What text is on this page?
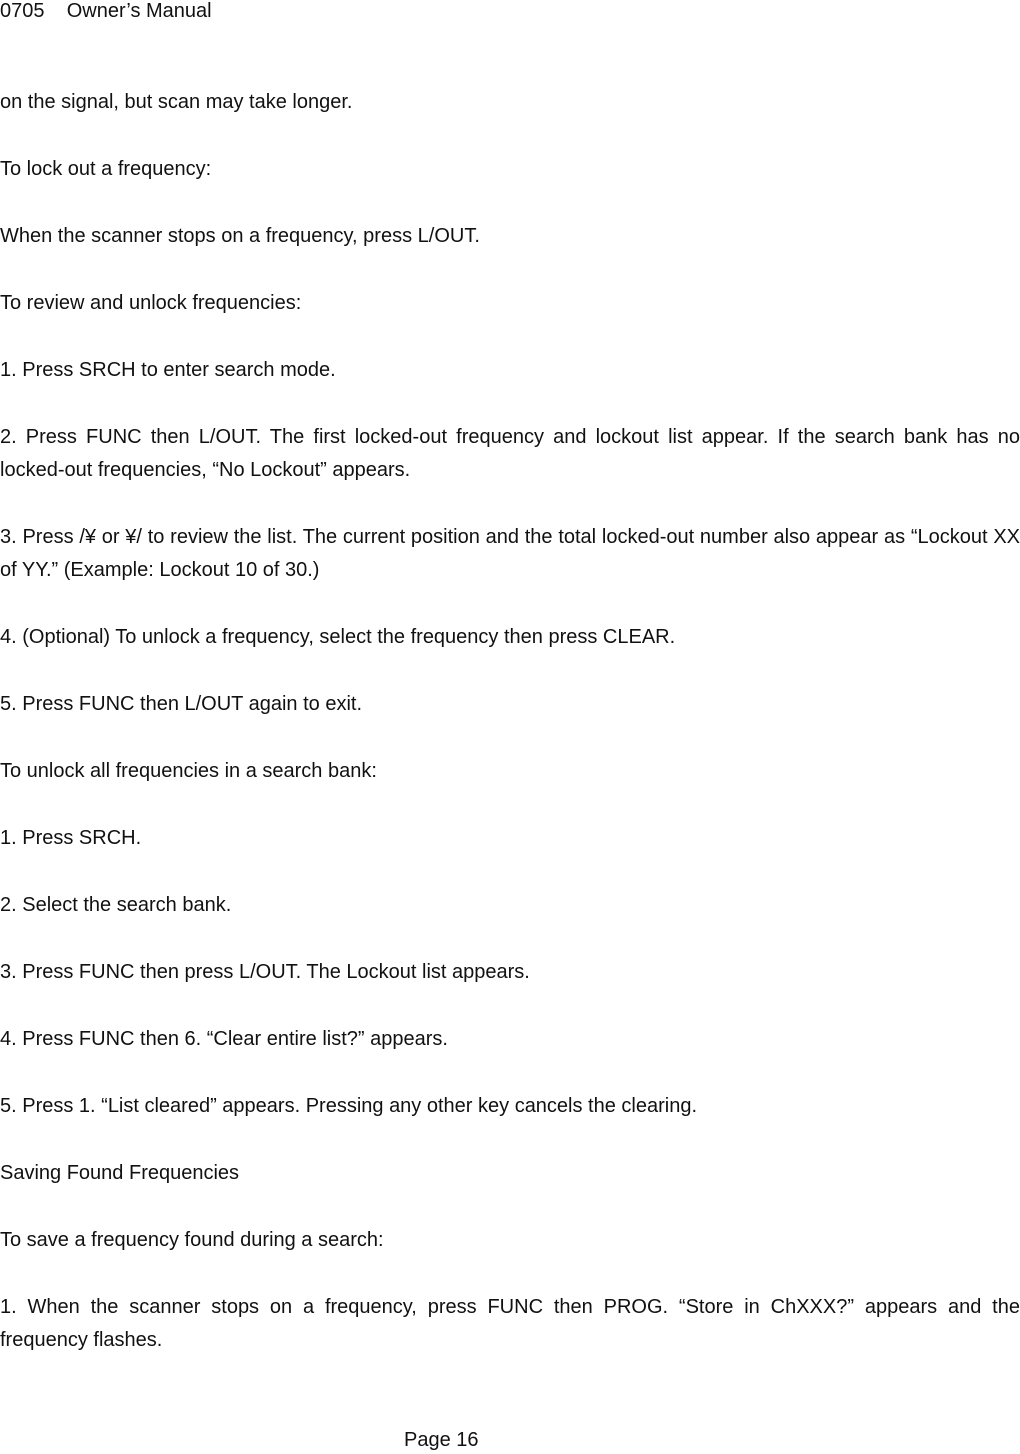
0705 Owner’s Manual

on the signal, but scan may take longer.

To lock out a frequency:

When the scanner stops on a frequency, press L/OUT.

To review and unlock frequencies:

1. Press SRCH to enter search mode.

2. Press FUNC then L/OUT. The first locked-out frequency and lockout list appear. If the search bank has no locked-out frequencies, “No Lockout” appears.

3. Press /¥ or ¥/ to review the list. The current position and the total locked-out number also appear as “Lockout XX of YY.” (Example: Lockout 10 of 30.)

4. (Optional) To unlock a frequency, select the frequency then press CLEAR.

5. Press FUNC then L/OUT again to exit.

To unlock all frequencies in a search bank:

1. Press SRCH.

2. Select the search bank.

3. Press FUNC then press L/OUT. The Lockout list appears.

4. Press FUNC then 6. “Clear entire list?” appears.

5. Press 1. “List cleared” appears. Pressing any other key cancels the clearing.

Saving Found Frequencies

To save a frequency found during a search:

1. When the scanner stops on a frequency, press FUNC then PROG. “Store in ChXXX?” appears and the frequency flashes.

Page 16
